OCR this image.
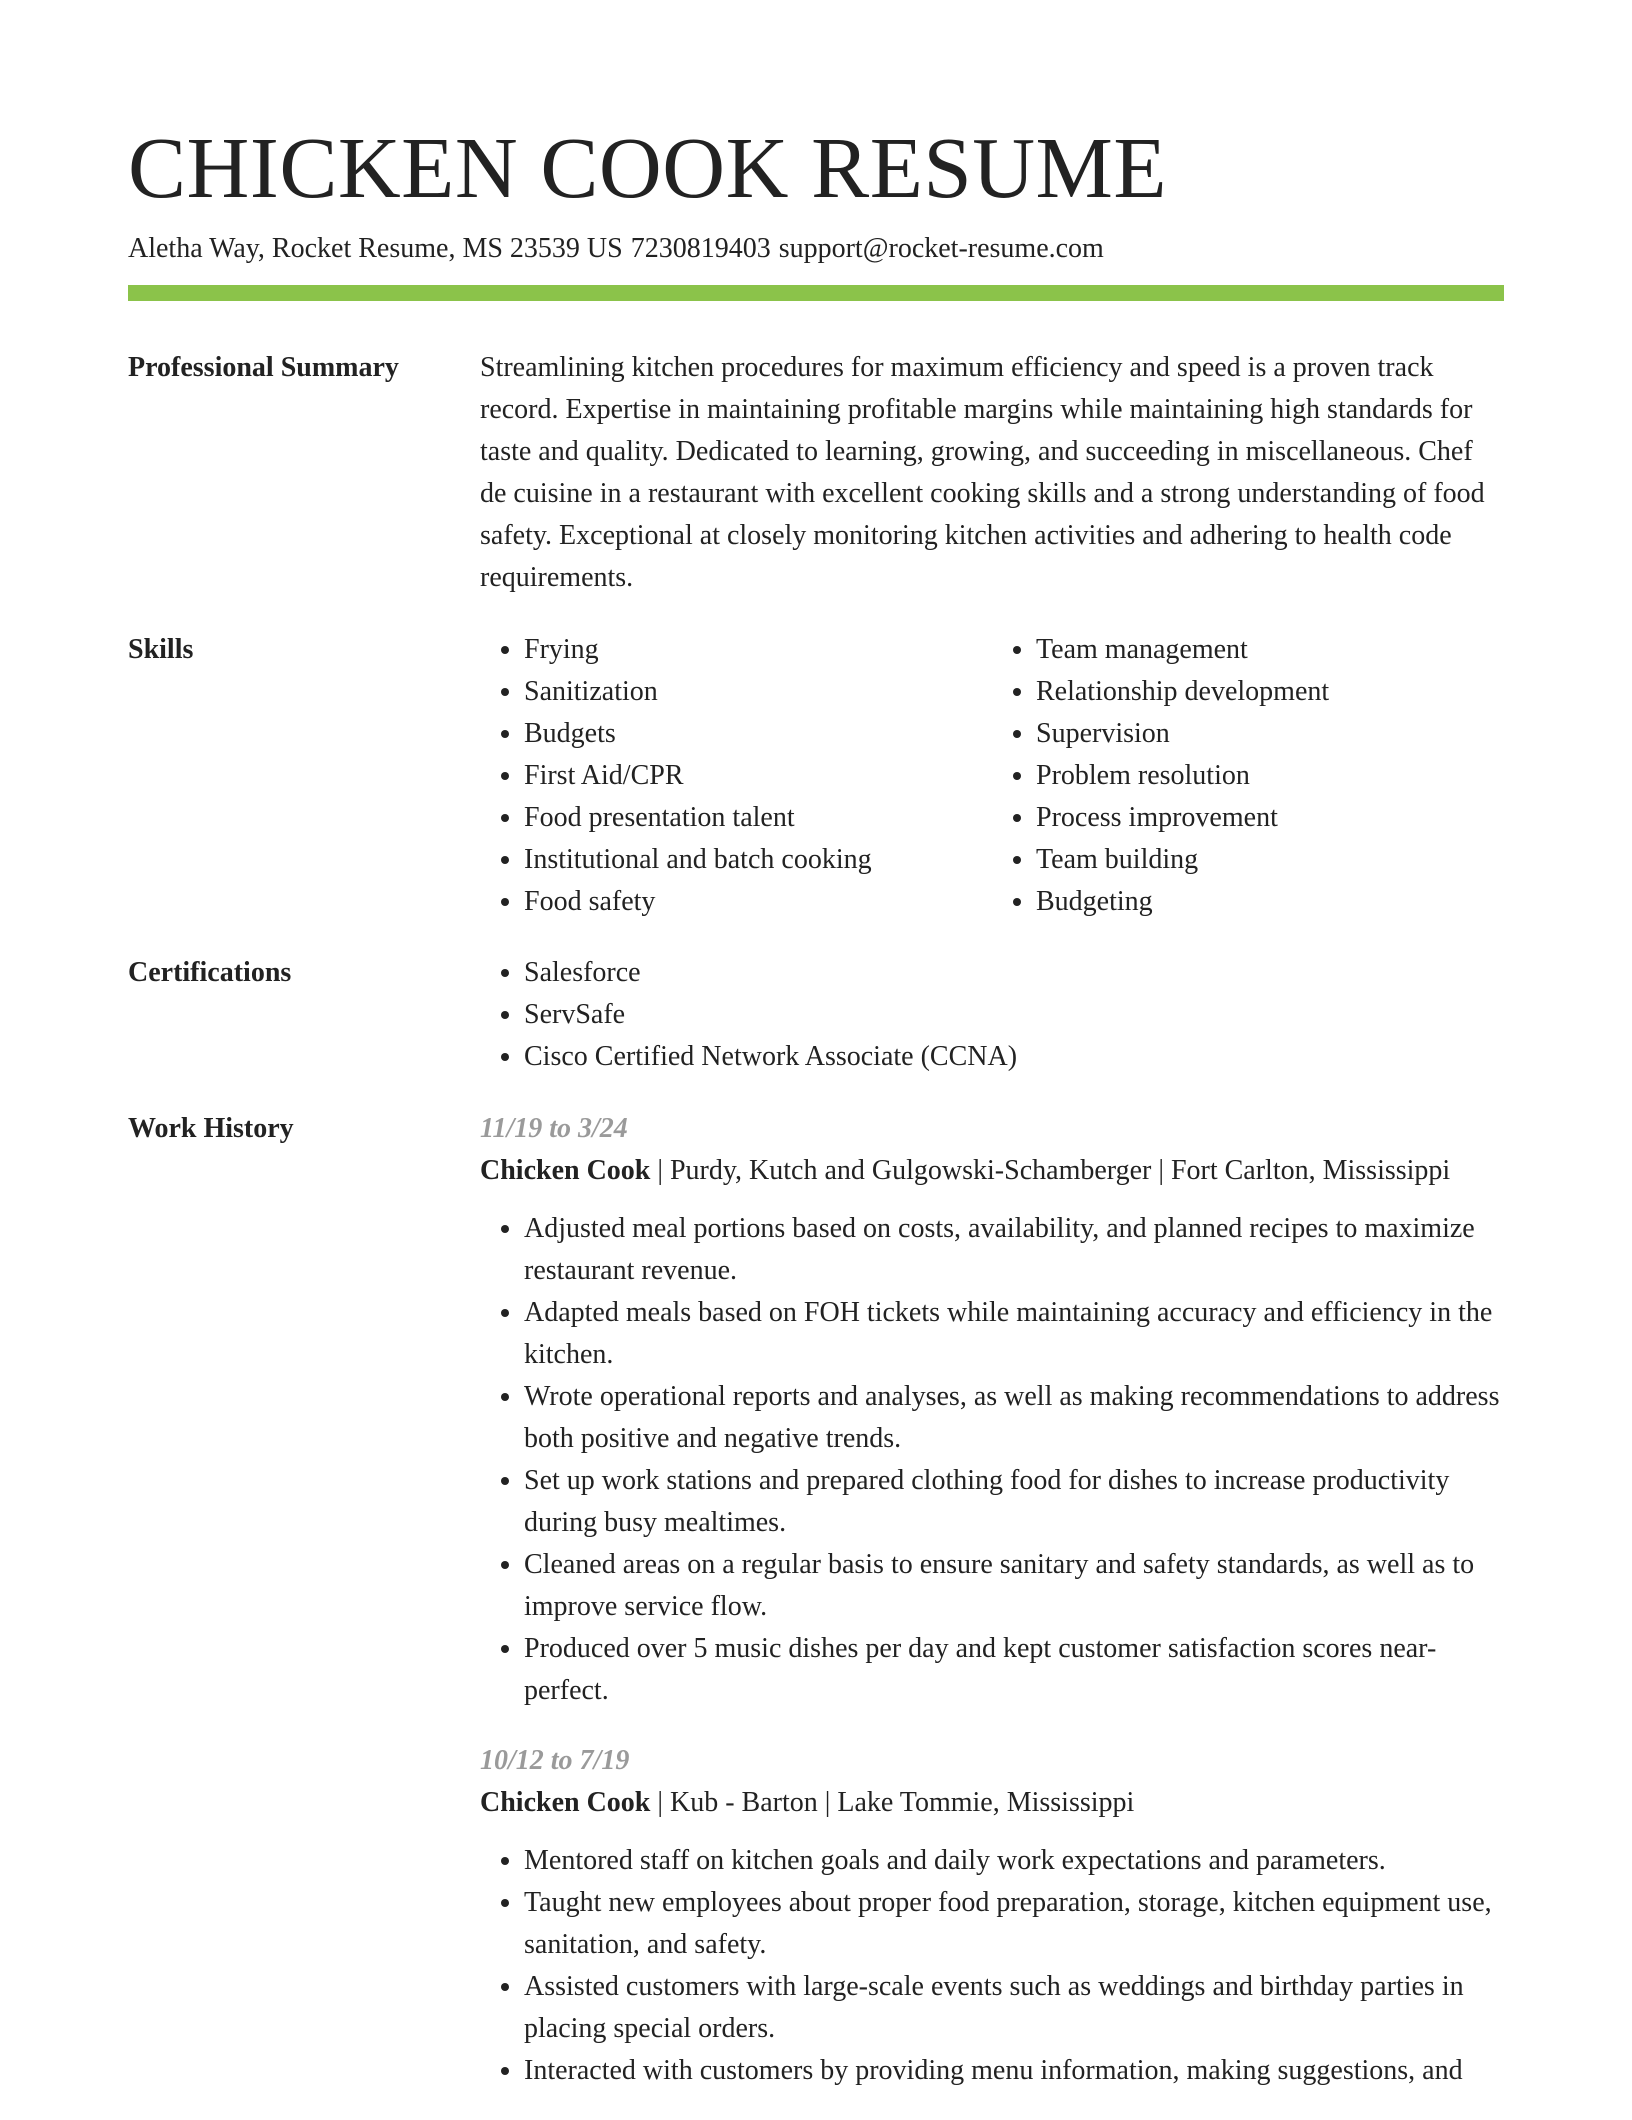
CHICKEN COOK RESUME
Aletha Way, Rocket Resume, MS 23539 US 7230819403 support@rocket-resume.com
Professional Summary	Streamlining kitchen procedures for maximum efficiency and speed is a proven track record. Expertise in maintaining profitable margins while maintaining high standards for taste and quality. Dedicated to learning, growing, and succeeding in miscellaneous. Chef de cuisine in a restaurant with excellent cooking skills and a strong understanding of food safety. Exceptional at closely monitoring kitchen activities and adhering to health code requirements.

Skills	• Frying
• Sanitization
• Budgets
• First Aid/CPR
• Food presentation talent
• Institutional and batch cooking
• Food safety
• Team management
• Relationship development
• Supervision
• Problem resolution
• Process improvement
• Team building
• Budgeting
Certifications	• Salesforce
• ServSafe
• Cisco Certified Network Associate (CCNA)
Work History	11/19 to 3/24
Chicken Cook | Purdy, Kutch and Gulgowski-Schamberger | Fort Carlton, Mississippi
• Adjusted meal portions based on costs, availability, and planned recipes to maximize restaurant revenue.
• Adapted meals based on FOH tickets while maintaining accuracy and efficiency in the kitchen.
• Wrote operational reports and analyses, as well as making recommendations to address both positive and negative trends.
• Set up work stations and prepared clothing food for dishes to increase productivity during busy mealtimes.
• Cleaned areas on a regular basis to ensure sanitary and safety standards, as well as to improve service flow.
• Produced over 5 music dishes per day and kept customer satisfaction scores near-perfect.
10/12 to 7/19
Chicken Cook | Kub - Barton | Lake Tommie, Mississippi
• Mentored staff on kitchen goals and daily work expectations and parameters.
• Taught new employees about proper food preparation, storage, kitchen equipment use, sanitation, and safety.
• Assisted customers with large-scale events such as weddings and birthday parties in placing special orders.
• Interacted with customers by providing menu information, making suggestions, and
